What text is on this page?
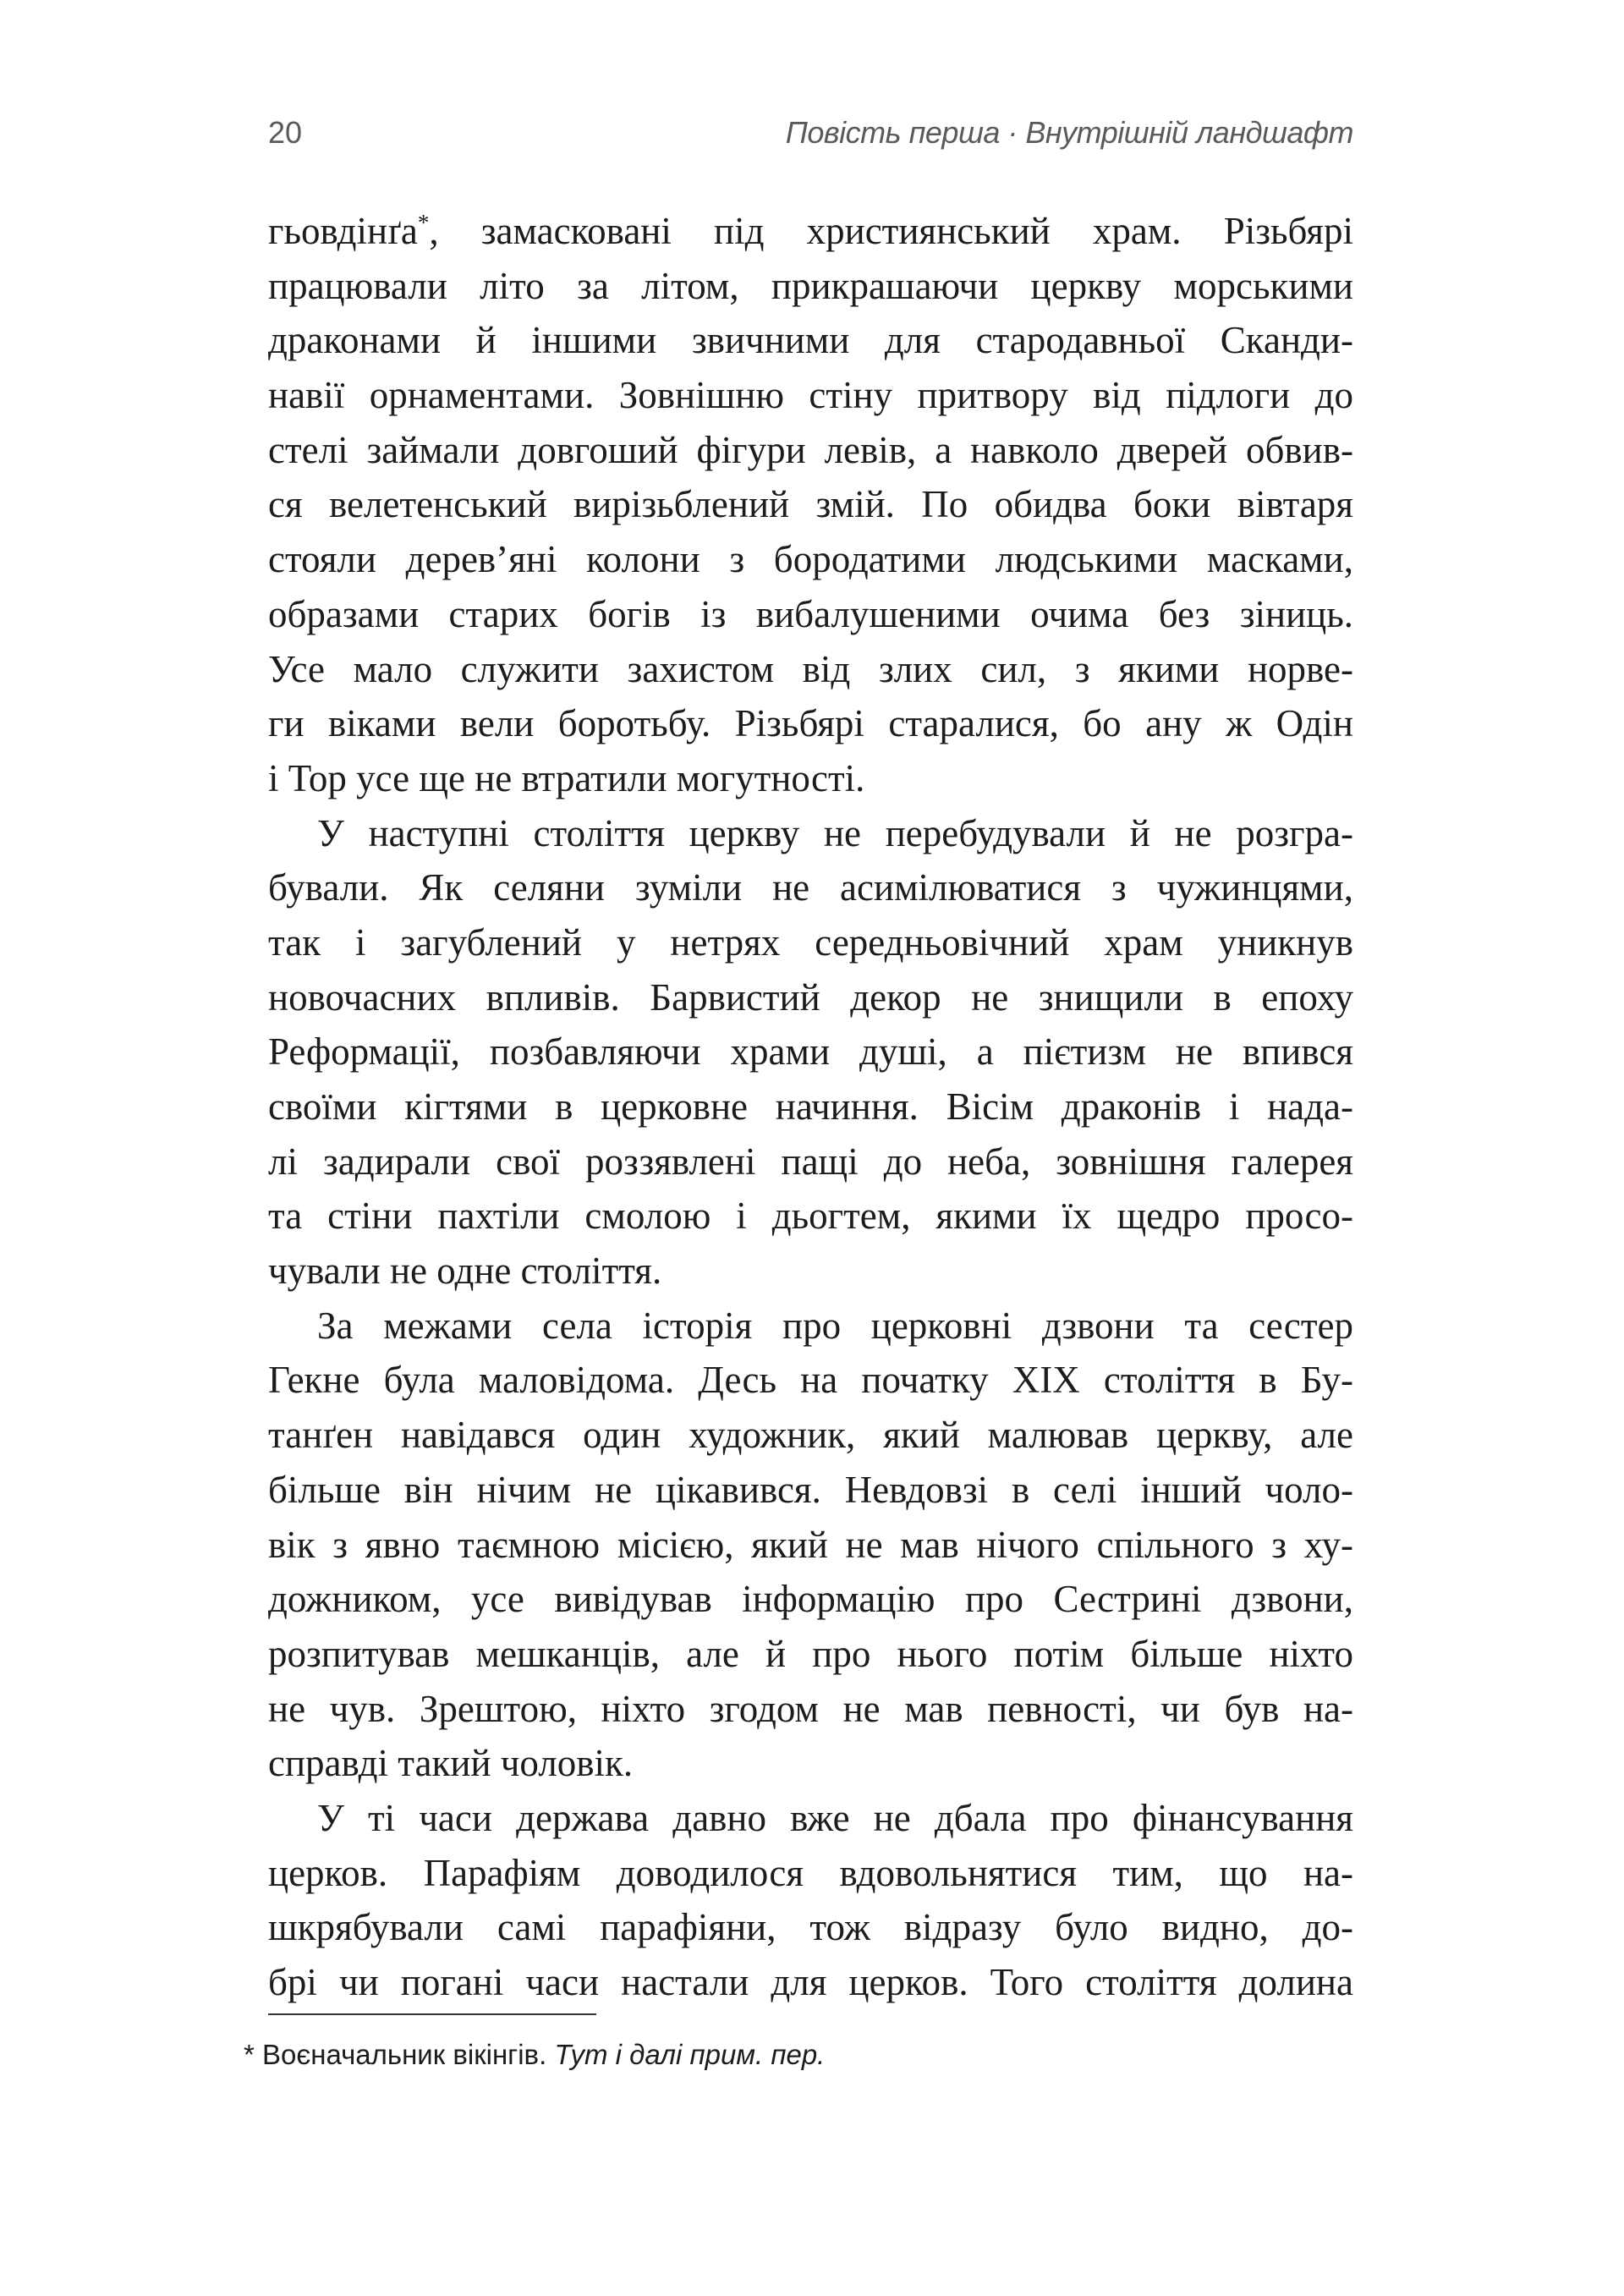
20	Повість перша · Внутрішній ландшафт
гьовдінґа*, замасковані під християнський храм. Різьбярі
працювали літо за літом, прикрашаючи церкву морськими
драконами й іншими звичними для стародавньої Сканди-
навії орнаментами. Зовнішню стіну притвору від підлоги до
стелі займали довгоший фігури левів, а навколо дверей обвив-
ся велетенський вирізьблений змій. По обидва боки вівтаря
стояли дерев’яні колони з бородатими людськими масками,
образами старих богів із вибалушеними очима без зіниць.
Усе мало служити захистом від злих сил, з якими норве-
ги віками вели боротьбу. Різьбярі старалися, бо ану ж Одін
і Тор усе ще не втратили могутності.
У наступні століття церкву не перебудували й не розгра-
бували. Як селяни зуміли не асимілюватися з чужинцями,
так і загублений у нетрях середньовічний храм уникнув
новочасних впливів. Барвистий декор не знищили в епоху
Реформації, позбавляючи храми душі, а пієтизм не впився
своїми кігтями в церковне начиння. Вісім драконів і нада-
лі задирали свої роззявлені пащі до неба, зовнішня галерея
та стіни пахтіли смолою і дьогтем, якими їх щедро просо-
чували не одне століття.
За межами села історія про церковні дзвони та сестер
Гекне була маловідома. Десь на початку XIX століття в Бу-
танґен навідався один художник, який малював церкву, але
більше він нічим не цікавився. Невдовзі в селі інший чоло-
вік з явно таємною місією, який не мав нічого спільного з ху-
дожником, усе вивідував інформацію про Сестрині дзвони,
розпитував мешканців, але й про нього потім більше ніхто
не чув. Зрештою, ніхто згодом не мав певності, чи був на-
справді такий чоловік.
У ті часи держава давно вже не дбала про фінансування
церков. Парафіям доводилося вдовольнятися тим, що на-
шкрябували самі парафіяни, тож відразу було видно, до-
брі чи погані часи настали для церков. Того століття долина
* Воєначальник вікінгів. Тут і далі прим. пер.
